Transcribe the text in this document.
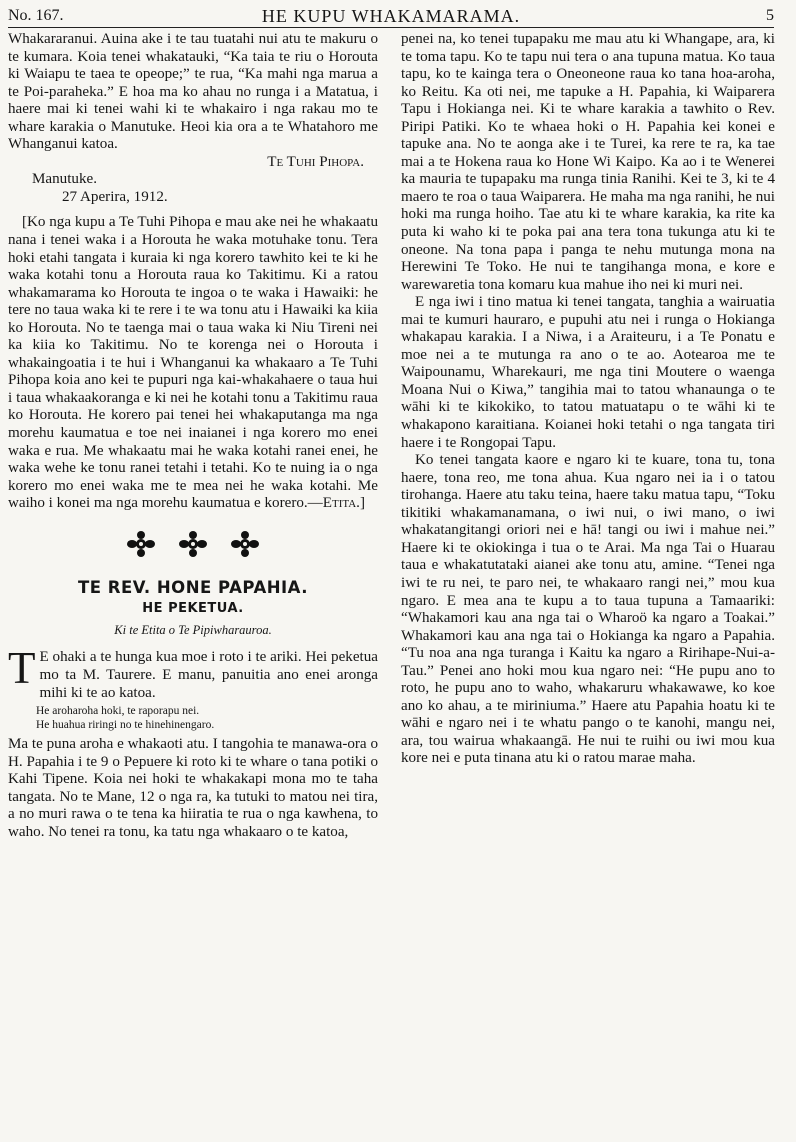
No. 167.	HE KUPU WHAKAMARAMA.	5

Whakararanui. Auina ake i te tau tuatahi nui atu te makuru o te kumara. Koia tenei whakatauki, “Ka taia te riu o Horouta ki Waiapu te taea te opeope;” te rua, “Ka mahi nga marua a te Poi-paraheka.” E hoa ma ko ahau no runga i a Matatua, i haere mai ki tenei wahi ki te whakairo i nga rakau mo te whare karakia o Manutuke. Heoi kia ora a te Whatahoro me Whanganui katoa.

Te Tuhi Pihopa.

Manutuke.

27 Aperira, 1912.

[Ko nga kupu a Te Tuhi Pihopa e mau ake nei he whakaatu nana i tenei waka i a Horouta he waka motuhake tonu. Tera hoki etahi tangata i kuraia ki nga korero tawhito kei te ki he waka kotahi tonu a Horouta raua ko Takitimu. Ki a ratou whakamarama ko Horouta te ingoa o te waka i Hawaiki: he tere no taua waka ki te rere i te wa tonu atu i Hawaiki ka kiia ko Horouta. No te taenga mai o taua waka ki Niu Tireni nei ka kiia ko Takitimu. No te korenga nei o Horouta i whakaingoatia i te hui i Whanganui ka whakaaro a Te Tuhi Pihopa koia ano kei te pupuri nga kai-whakahaere o taua hui i taua whakaakoranga e ki nei he kotahi tonu a Takitimu raua ko Horouta. He korero pai tenei hei whakaputanga ma nga morehu kaumatua e toe nei inaianei i nga korero mo enei waka e rua. Me whakaatu mai he waka kotahi ranei enei, he waka wehe ke tonu ranei tetahi i tetahi. Ko te nuing ia o nga korero mo enei waka me te mea nei he waka kotahi. Me waiho i konei ma nga morehu kaumatua e korero.—Etita.]

TE REV. HONE PAPAHIA.

HE PEKETUA.

Ki te Etita o Te Pipiwharauroa.

T E ohaki a te hunga kua moe i roto i te ariki. Hei peketua mo ta M. Taurere. E manu, panuitia ano enei aronga mihi ki te ao katoa.

He aroharoha hoki, te raporapu nei.
He huahua riringi no te hinehinengaro.

Ma te puna aroha e whakaoti atu. I tangohia te manawa-ora o H. Papahia i te 9 o Pepuere ki roto ki te whare o tana potiki o Kahi Tipene. Koia nei hoki te whakakapi mona mo te taha tangata. No te Mane, 12 o nga ra, ka tutuki to matou nei tira, a no muri rawa o te tena ka hiiratia te rua o nga kawhena, to waho. No tenei ra tonu, ka tatu nga whakaaro o te katoa,

penei na, ko tenei tupapaku me mau atu ki Whangape, ara, ki te toma tapu. Ko te tapu nui tera o ana tupuna matua. Ko taua tapu, ko te kainga tera o Oneoneone raua ko tana hoa-aroha, ko Reitu. Ka oti nei, me tapuke a H. Papahia, ki Waiparera Tapu i Hokianga nei. Ki te whare karakia a tawhito o Rev. Piripi Patiki. Ko te whaea hoki o H. Papahia kei konei e tapuke ana. No te aonga ake i te Turei, ka rere te ra, ka tae mai a te Hokena raua ko Hone Wi Kaipo. Ka ao i te Wenerei ka mauria te tupapaku ma runga tinia Ranihi. Kei te 3, ki te 4 maero te roa o taua Waiparera. He maha ma nga ranihi, he nui hoki ma runga hoiho. Tae atu ki te whare karakia, ka rite ka puta ki waho ki te poka pai ana tera tona tukunga atu ki te oneone. Na tona papa i panga te nehu mutunga mona na Herewini Te Toko. He nui te tangihanga mona, e kore e warewaretia tona komaru kua mahue iho nei ki muri nei.

E nga iwi i tino matua ki tenei tangata, tanghia a wairuatia mai te kumuri hauraro, e pupuhi atu nei i runga o Hokianga whakapau karakia. I a Niwa, i a Araiteuru, i a Te Ponatu e moe nei a te mutunga ra ano o te ao. Aotearoa me te Waipounamu, Wharekauri, me nga tini Moutere o waenga Moana Nui o Kiwa,” tangihia mai to tatou whanaunga o te wāhi ki te kikokiko, to tatou matuatapu o te wāhi ki te whakapono karaitiana. Koianei hoki tetahi o nga tangata tiri haere i te Rongopai Tapu.

Ko tenei tangata kaore e ngaro ki te kuare, tona tu, tona haere, tona reo, me tona ahua. Kua ngaro nei ia i o tatou tirohanga. Haere atu taku teina, haere taku matua tapu, “Toku tikitiki whakamanamana, o iwi nui, o iwi mano, o iwi whakatangitangi oriori nei e hā! tangi ou iwi i mahue nei.” Haere ki te okiokinga i tua o te Arai. Ma nga Tai o Huarau taua e whakatutataki aianei ake tonu atu, amine. “Tenei nga iwi te ru nei, te paro nei, te whakaaro rangi nei,” mou kua ngaro. E mea ana te kupu a to taua tupuna a Tamaariki: “Whakamori kau ana nga tai o Wharoö ka ngaro a Toakai.” Whakamori kau ana nga tai o Hokianga ka ngaro a Papahia. “Tu noa ana nga turanga i Kaitu ka ngaro a Ririhape-Nui-a-Tau.” Penei ano hoki mou kua ngaro nei: “He pupu ano to roto, he pupu ano to waho, whakaruru whakawawe, ko koe ano ko ahau, a te miriniuma.” Haere atu Papahia hoatu ki te wāhi e ngaro nei i te whatu pango o te kanohi, mangu nei, ara, tou wairua whakaangā. He nui te ruihi ou iwi mou kua kore nei e puta tinana atu ki o ratou marae maha.
